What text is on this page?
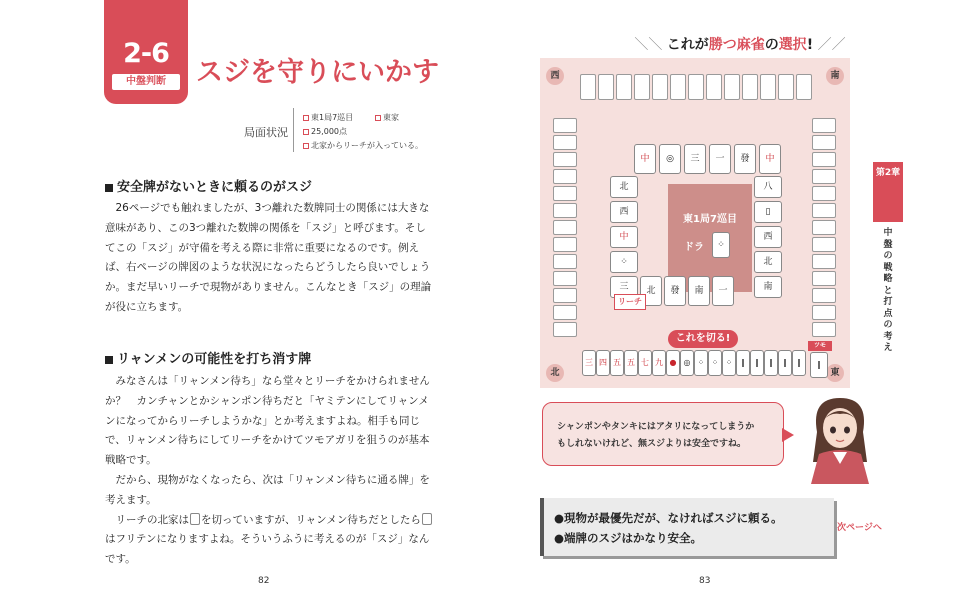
2-6
中盤判断	スジを守りにいかす
局面状況
東1局7巡目	東家
25,000点
北家からリーチが入っている。
安全牌がないときに頼るのがスジ

26ページでも触れましたが、3つ離れた数牌同士の関係には大きな意味があり、この3つ離れた数牌の関係を「スジ」と呼びます。そしてこの「スジ」が守備を考える際に非常に重要になるのです。例えば、右ページの牌図のような状況になったらどうしたら良いでしょうか。まだ早いリーチで現物がありません。こんなとき「スジ」の理論が役に立ちます。

リャンメンの可能性を打ち消す牌

みなさんは「リャンメン待ち」なら堂々とリーチをかけられませんか？　カンチャンとかシャンポン待ちだと「ヤミテンにしてリャンメンになってからリーチしようかな」とか考えますよね。相手も同じで、リャンメン待ちにしてリーチをかけてツモアガリを狙うのが基本戦略です。

だから、現物がなくなったら、次は「リャンメン待ちに通る牌」を考えます。

リーチの北家は を切っていますが、リャンメン待ちだとしたらはフリテンになりますよね。そういうふうに考えるのが「スジ」なんです。

82
＼＼ これが勝つ麻雀の選択! ／／
西	南
北	東
東1局7巡目
ドラ	⁘
中	◎	三	一	發	中
北
西
中
⁘
三
八
▯
西
北
南
北	發	南	一
リーチ
これを切る!
ツモ
三 四 五 五 七 九 ● ◎ ⁘ ⁘ ⁘	‖	‖	‖	‖	‖	‖
シャンポンやタンキにはアタリになってしまうか
もしれないけれど、無スジよりは安全ですね。
●現物が最優先だが、なければスジに頼る。
●端牌のスジはかなり安全。
次ページへ
第2章
中盤の戦略と打点の考え
83
